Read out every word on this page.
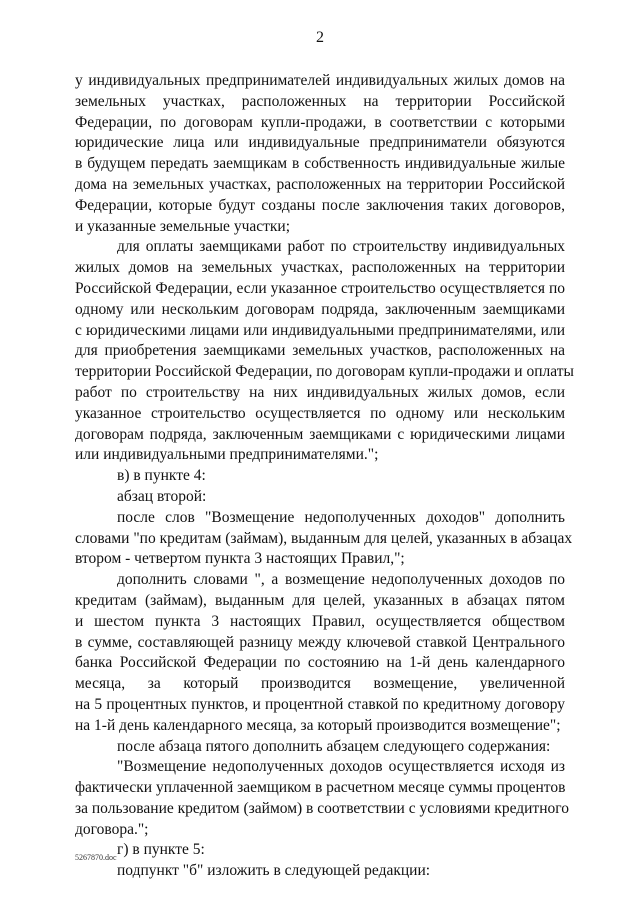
2
у индивидуальных предпринимателей индивидуальных жилых домов на
земельных участках, расположенных на территории Российской
Федерации, по договорам купли-продажи, в соответствии с которыми
юридические лица или индивидуальные предприниматели обязуются
в будущем передать заемщикам в собственность индивидуальные жилые
дома на земельных участках, расположенных на территории Российской
Федерации, которые будут созданы после заключения таких договоров,
и указанные земельные участки;
для оплаты заемщиками работ по строительству индивидуальных
жилых домов на земельных участках, расположенных на территории
Российской Федерации, если указанное строительство осуществляется по
одному или нескольким договорам подряда, заключенным заемщиками
с юридическими лицами или индивидуальными предпринимателями, или
для приобретения заемщиками земельных участков, расположенных на
территории Российской Федерации, по договорам купли-продажи и оплаты
работ по строительству на них индивидуальных жилых домов, если
указанное строительство осуществляется по одному или нескольким
договорам подряда, заключенным заемщиками с юридическими лицами
или индивидуальными предпринимателями.";
в) в пункте 4:
абзац второй:
после слов "Возмещение недополученных доходов" дополнить
словами "по кредитам (займам), выданным для целей, указанных в абзацах
втором - четвертом пункта 3 настоящих Правил,";
дополнить словами ", а возмещение недополученных доходов по
кредитам (займам), выданным для целей, указанных в абзацах пятом
и шестом пункта 3 настоящих Правил, осуществляется обществом
в сумме, составляющей разницу между ключевой ставкой Центрального
банка Российской Федерации по состоянию на 1-й день календарного
месяца, за который производится возмещение, увеличенной
на 5 процентных пунктов, и процентной ставкой по кредитному договору
на 1-й день календарного месяца, за который производится возмещение";
после абзаца пятого дополнить абзацем следующего содержания:
"Возмещение недополученных доходов осуществляется исходя из
фактически уплаченной заемщиком в расчетном месяце суммы процентов
за пользование кредитом (займом) в соответствии с условиями кредитного
договора.";
г) в пункте 5:
подпункт "б" изложить в следующей редакции:
5267870.doc
